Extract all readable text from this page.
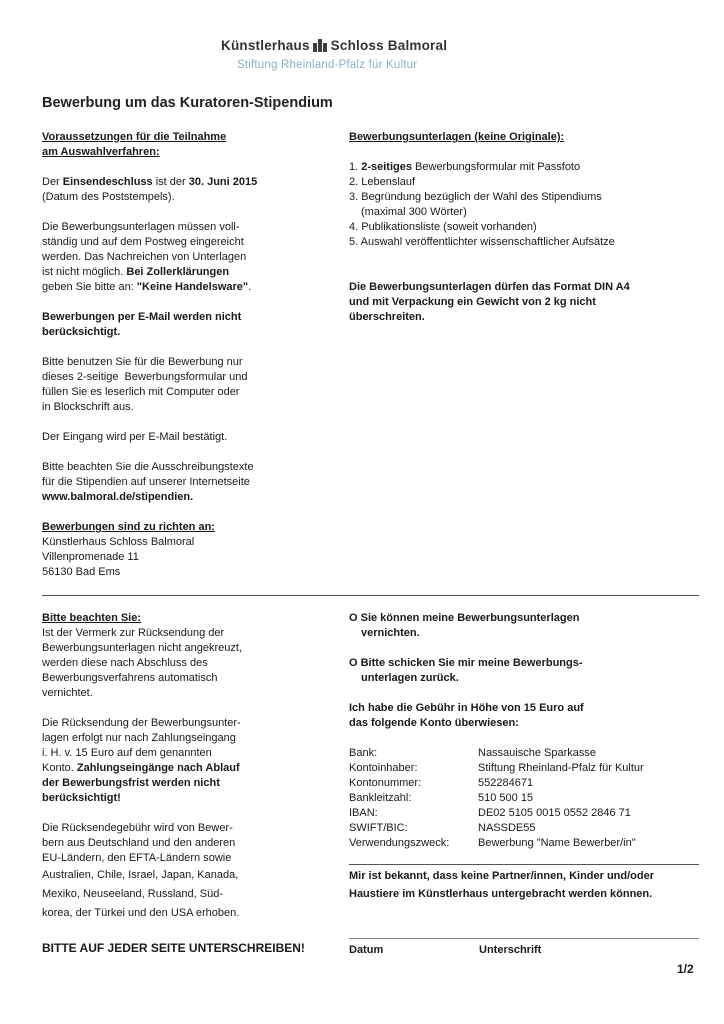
Künstlerhaus Schloss Balmoral
Stiftung Rheinland-Pfalz für Kultur
Bewerbung um das Kuratoren-Stipendium
Voraussetzungen für die Teilnahme
am Auswahlverfahren:
Der Einsendeschluss ist der 30. Juni 2015
(Datum des Poststempels).
Die Bewerbungsunterlagen müssen voll-
ständig und auf dem Postweg eingereicht
werden. Das Nachreichen von Unterlagen
ist nicht möglich. Bei Zollerklärungen
geben Sie bitte an: "Keine Handelsware".
Bewerbungen per E-Mail werden nicht
berücksichtigt.
Bitte benutzen Sie für die Bewerbung nur
dieses 2-seitige  Bewerbungsformular und
füllen Sie es leserlich mit Computer oder
in Blockschrift aus.
Der Eingang wird per E-Mail bestätigt.
Bitte beachten Sie die Ausschreibungstexte
für die Stipendien auf unserer Internetseite
www.balmoral.de/stipendien.
Bewerbungen sind zu richten an:
Künstlerhaus Schloss Balmoral
Villenpromenade 11
56130 Bad Ems
Bewerbungsunterlagen (keine Originale):
1. 2-seitiges Bewerbungsformular mit Passfoto
2. Lebenslauf
3. Begründung bezüglich der Wahl des Stipendiums
(maximal 300 Wörter)
4. Publikationsliste (soweit vorhanden)
5. Auswahl veröffentlichter wissenschaftlicher Aufsätze
Die Bewerbungsunterlagen dürfen das Format DIN A4
und mit Verpackung ein Gewicht von 2 kg nicht
überschreiten.
Bitte beachten Sie:
Ist der Vermerk zur Rücksendung der
Bewerbungsunterlagen nicht angekreuzt,
werden diese nach Abschluss des
Bewerbungsverfahrens automatisch
vernichtet.
Die Rücksendung der Bewerbungsunter-
lagen erfolgt nur nach Zahlungseingang
i. H. v. 15 Euro auf dem genannten
Konto. Zahlungseingänge nach Ablauf
der Bewerbungsfrist werden nicht
berücksichtigt!
Die Rücksendegebühr wird von Bewer-
bern aus Deutschland und den anderen
EU-Ländern, den EFTA-Ländern sowie
Australien, Chile, Israel, Japan, Kanada,
Mexiko, Neuseeland, Russland, Süd-
korea, der Türkei und den USA erhoben.
BITTE AUF JEDER SEITE UNTERSCHREIBEN!
O Sie können meine Bewerbungsunterlagen
vernichten.
O Bitte schicken Sie mir meine Bewerbungs-
unterlagen zurück.
Ich habe die Gebühr in Höhe von 15 Euro auf
das folgende Konto überwiesen:
Bank:	Nassauische Sparkasse
Kontoinhaber:	Stiftung Rheinland-Pfalz für Kultur
Kontonummer:	552284671
Bankleitzahl:	510 500 15
IBAN:	DE02 5105 0015 0552 2846 71
SWIFT/BIC:	NASSDE55
Verwendungszweck:	Bewerbung "Name Bewerber/in"
Mir ist bekannt, dass keine Partner/innen, Kinder und/oder
Haustiere im Künstlerhaus untergebracht werden können.
Datum	Unterschrift
1/2
